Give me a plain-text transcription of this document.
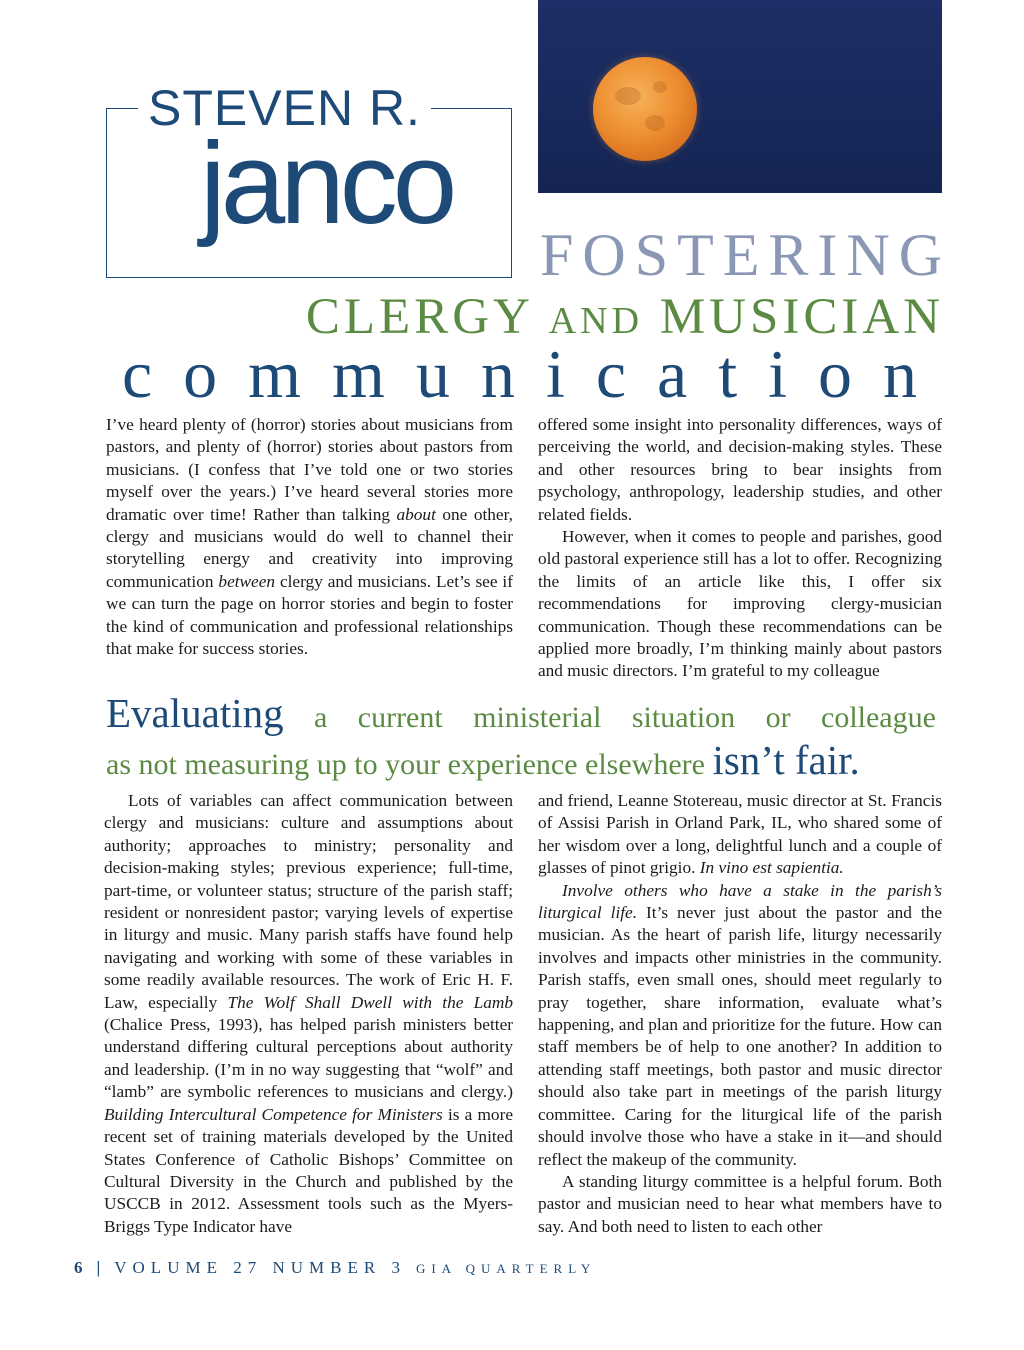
STEVEN R.
janco
FOSTERING
CLERGY AND MUSICIAN
communication

I’ve heard plenty of (horror) stories about musicians from pastors, and plenty of (horror) stories about pastors from musicians. (I confess that I’ve told one or two stories myself over the years.) I’ve heard several stories more dramatic over time! Rather than talking about one other, clergy and musicians would do well to channel their storytelling energy and creativity into improving communication between clergy and musicians. Let’s see if we can turn the page on horror stories and begin to foster the kind of communication and professional relationships that make for success stories.

offered some insight into personality differences, ways of perceiving the world, and decision-making styles. These and other resources bring to bear insights from psychology, anthropology, leadership studies, and other related fields.

However, when it comes to people and parishes, good old pastoral experience still has a lot to offer. Recognizing the limits of an article like this, I offer six recommendations for improving clergy-musician communication. Though these recommendations can be applied more broadly, I’m thinking mainly about pastors and music directors. I’m grateful to my colleague

Evaluating a current ministerial situation or colleague
as not measuring up to your experience elsewhere isn’t fair.

Lots of variables can affect communication between clergy and musicians: culture and assumptions about authority; approaches to ministry; personality and decision-making styles; previous experience; full-time, part-time, or volunteer status; structure of the parish staff; resident or nonresident pastor; varying levels of expertise in liturgy and music. Many parish staffs have found help navigating and working with some of these variables in some readily available resources. The work of Eric H. F. Law, especially The Wolf Shall Dwell with the Lamb (Chalice Press, 1993), has helped parish ministers better understand differing cultural perceptions about authority and leadership. (I’m in no way suggesting that “wolf” and “lamb” are symbolic references to musicians and clergy.) Building Intercultural Competence for Ministers is a more recent set of training materials developed by the United States Conference of Catholic Bishops’ Committee on Cultural Diversity in the Church and published by the USCCB in 2012. Assessment tools such as the Myers-Briggs Type Indicator have

and friend, Leanne Stotereau, music director at St. Francis of Assisi Parish in Orland Park, IL, who shared some of her wisdom over a long, delightful lunch and a couple of glasses of pinot grigio. In vino est sapientia.

Involve others who have a stake in the parish’s liturgical life. It’s never just about the pastor and the musician. As the heart of parish life, liturgy necessarily involves and impacts other ministries in the community. Parish staffs, even small ones, should meet regularly to pray together, share information, evaluate what’s happening, and plan and prioritize for the future. How can staff members be of help to one another? In addition to attending staff meetings, both pastor and music director should also take part in meetings of the parish liturgy committee. Caring for the liturgical life of the parish should involve those who have a stake in it—and should reflect the makeup of the community.

A standing liturgy committee is a helpful forum. Both pastor and musician need to hear what members have to say. And both need to listen to each other

6 | VOLUME 27 NUMBER 3 GIA QUARTERLY
